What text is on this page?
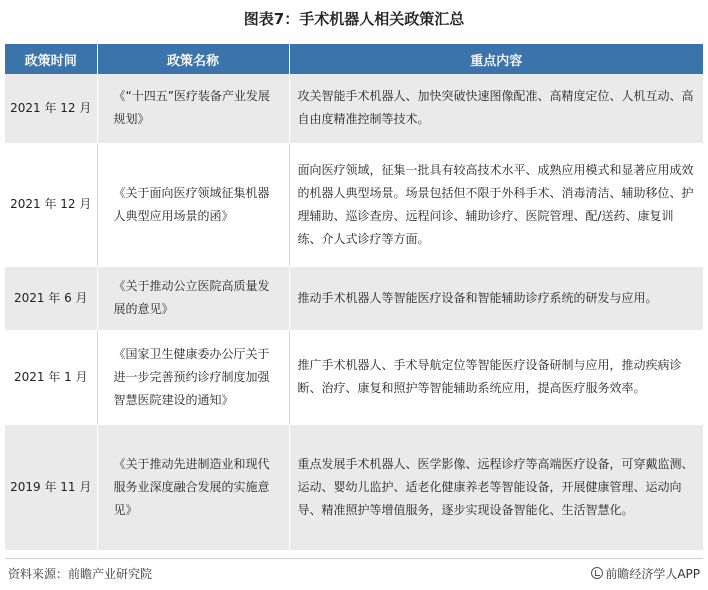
图表7：手术机器人相关政策汇总
政策时间	政策名称	重点内容
2021 年 12 月	《“十四五”医疗装备产业发展规划》	攻关智能手术机器人、加快突破快速图像配准、高精度定位、人机互动、高自由度精准控制等技术。
2021 年 12 月	《关于面向医疗领域征集机器人典型应用场景的函》	面向医疗领域，征集一批具有较高技术水平、成熟应用模式和显著应用成效的机器人典型场景。场景包括但不限于外科手术、消毒清洁、辅助移位、护理辅助、巡诊查房、远程问诊、辅助诊疗、医院管理、配/送药、康复训练、介人式诊疗等方面。
2021 年 6 月	《关于推动公立医院高质量发展的意见》	推动手术机器人等智能医疗设备和智能辅助诊疗系统的研发与应用。
2021 年 1 月	《国家卫生健康委办公厅关于进一步完善预约诊疗制度加强智慧医院建设的通知》	推广手术机器人、手术导航定位等智能医疗设备研制与应用，推动疾病诊断、治疗、康复和照护等智能辅助系统应用，提高医疗服务效率。
2019 年 11 月	《关于推动先进制造业和现代服务业深度融合发展的实施意见》	重点发展手术机器人、医学影像、远程诊疗等高端医疗设备，可穿戴监测、运动、婴幼儿监护、适老化健康养老等智能设备，开展健康管理、运动向导、精准照护等增值服务，逐步实现设备智能化、生活智慧化。
资料来源：前瞻产业研究院	前瞻经济学人APP
